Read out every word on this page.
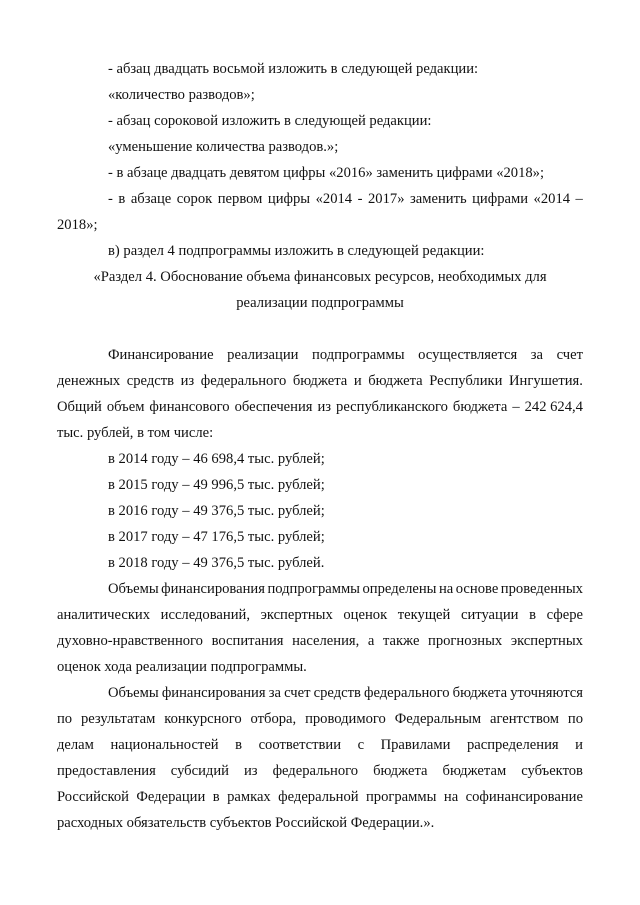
- абзац двадцать восьмой изложить в следующей редакции:

«количество разводов»;

- абзац сороковой изложить в следующей редакции:

«уменьшение количества разводов.»;

- в абзаце двадцать девятом цифры «2016» заменить цифрами «2018»;

- в абзаце сорок первом цифры «2014 - 2017» заменить цифрами «2014 –

2018»;

в) раздел 4 подпрограммы изложить в следующей редакции:

«Раздел 4. Обоснование объема финансовых ресурсов, необходимых для

реализации подпрограммы

Финансирование реализации подпрограммы осуществляется за счет
денежных средств из федерального бюджета и бюджета Республики Ингушетия.
Общий объем финансового обеспечения из республиканского бюджета – 242 624,4

тыс. рублей, в том числе:

в 2014 году – 46 698,4 тыс. рублей;

в 2015 году – 49 996,5 тыс. рублей;

в 2016 году – 49 376,5 тыс. рублей;

в 2017 году – 47 176,5 тыс. рублей;

в 2018 году – 49 376,5 тыс. рублей.

Объемы финансирования подпрограммы определены на основе проведенных
аналитических исследований, экспертных оценок текущей ситуации в сфере
духовно-нравственного воспитания населения, а также прогнозных экспертных

оценок хода реализации подпрограммы.

Объемы финансирования за счет средств федерального бюджета уточняются
по результатам конкурсного отбора, проводимого Федеральным агентством по
делам национальностей в соответствии с Правилами распределения и
предоставления субсидий из федерального бюджета бюджетам субъектов
Российской Федерации в рамках федеральной программы на софинансирование

расходных обязательств субъектов Российской Федерации.».
